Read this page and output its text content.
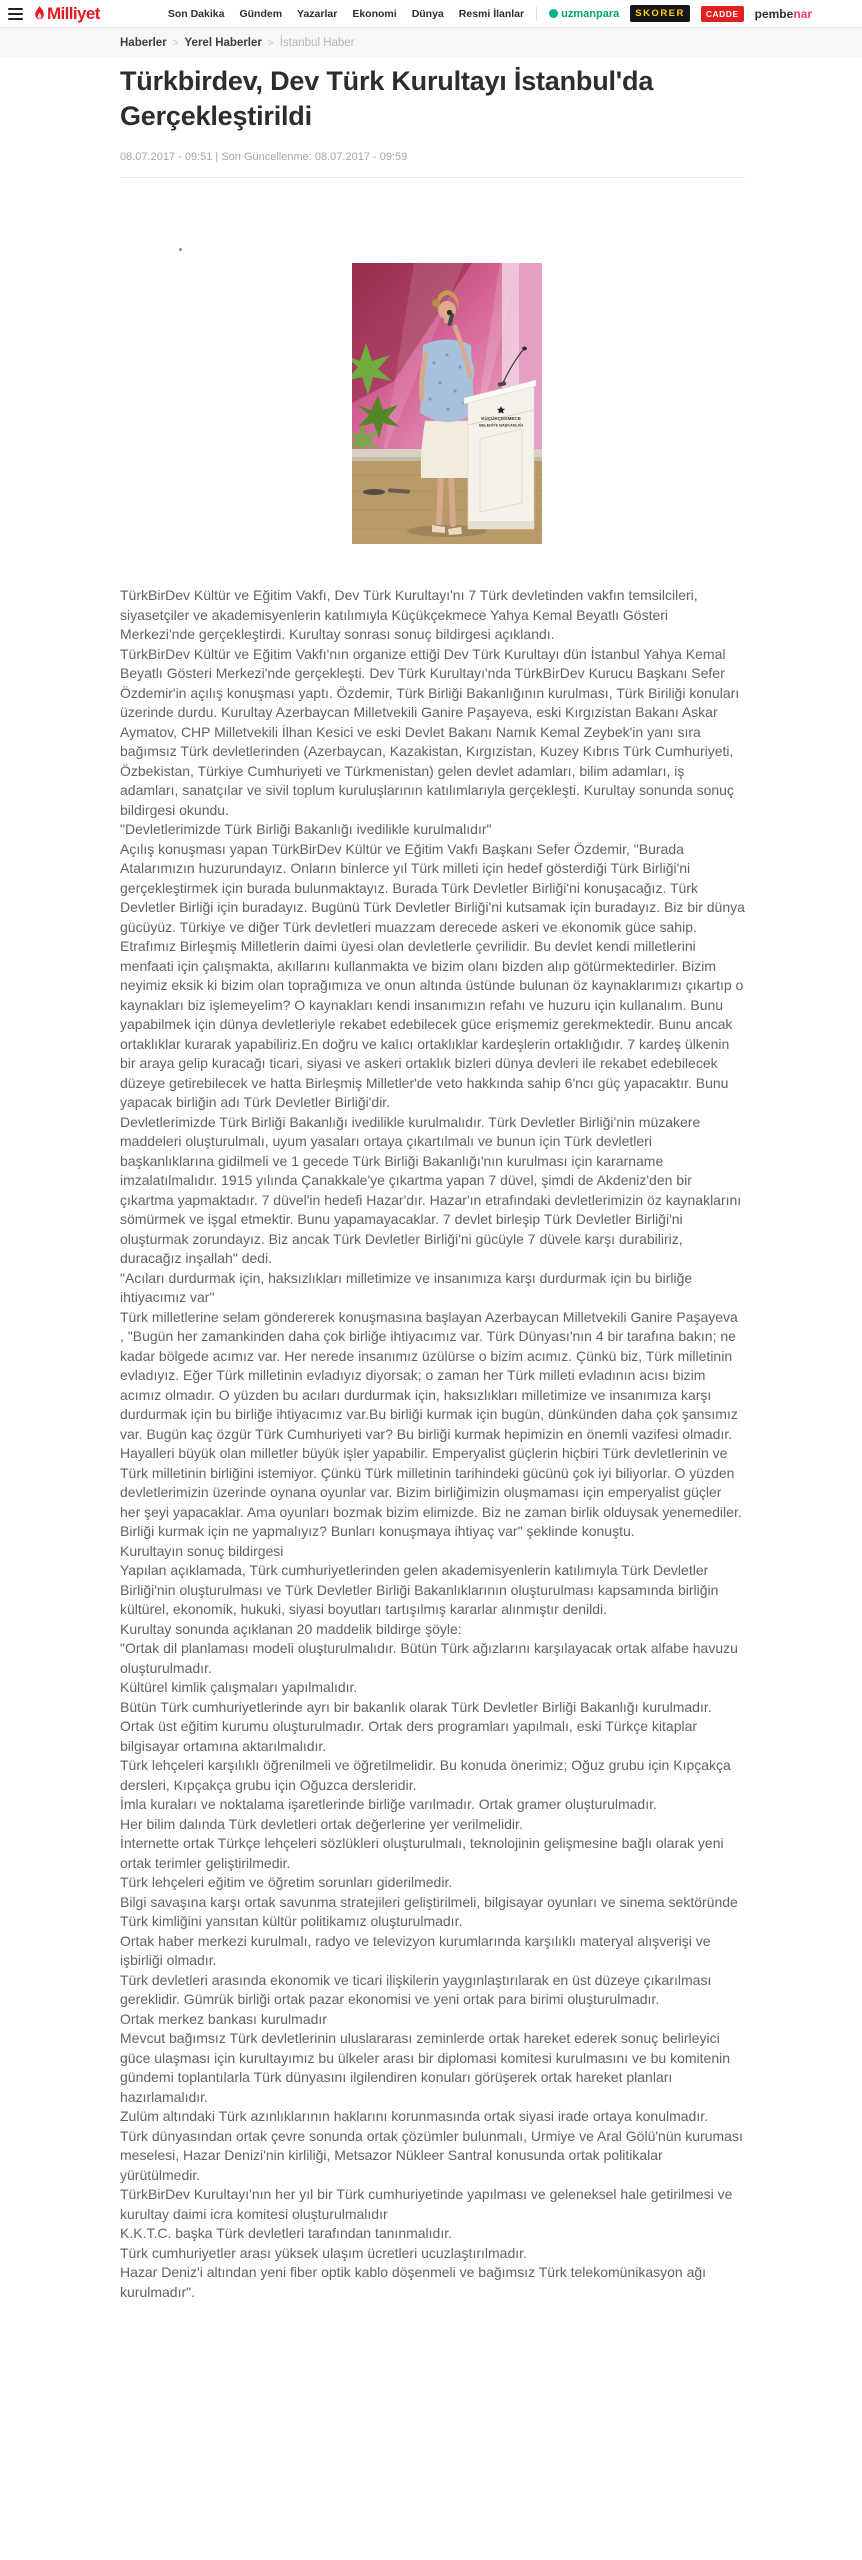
Milliyet	Son Dakika Gündem Yazarlar Ekonomi Dünya Resmi İlanlar	uzmanpara	SKORER	CADDE	pembe nar
Haberler > Yerel Haberler > İstanbul Haber
Türkbirdev, Dev Türk Kurultayı İstanbul'da Gerçekleştirildi
08.07.2017 - 09:51 | Son Güncellenme: 08.07.2017 - 09:59
KÜÇÜKÇEKMECE
BELEDİYE BAŞKANLIĞI

TürkBirDev Kültür ve Eğitim Vakfı, Dev Türk Kurultayı'nı 7 Türk devletinden vakfın temsilcileri, siyasetçiler ve akademisyenlerin katılımıyla Küçükçekmece Yahya Kemal Beyatlı Gösteri Merkezi'nde gerçekleştirdi. Kurultay sonrası sonuç bildirgesi açıklandı.

TürkBirDev Kültür ve Eğitim Vakfı'nın organize ettiği Dev Türk Kurultayı dün İstanbul Yahya Kemal Beyatlı Gösteri Merkezi'nde gerçekleşti. Dev Türk Kurultayı'nda TürkBirDev Kurucu Başkanı Sefer Özdemir'in açılış konuşması yaptı. Özdemir, Türk Birliği Bakanlığının kurulması, Türk Biriliği konuları üzerinde durdu. Kurultay Azerbaycan Milletvekili Ganire Paşayeva, eski Kırgızistan Bakanı Askar Aymatov, CHP Milletvekili İlhan Kesici ve eski Devlet Bakanı Namık Kemal Zeybek'in yanı sıra bağımsız Türk devletlerinden (Azerbaycan, Kazakistan, Kırgızistan, Kuzey Kıbrıs Türk Cumhuriyeti, Özbekistan, Türkiye Cumhuriyeti ve Türkmenistan) gelen devlet adamları, bilim adamları, iş adamları, sanatçılar ve sivil toplum kuruluşlarının katılımlarıyla gerçekleşti. Kurultay sonunda sonuç bildirgesi okundu.

"Devletlerimizde Türk Birliği Bakanlığı ivedilikle kurulmalıdır"

Açılış konuşması yapan TürkBirDev Kültür ve Eğitim Vakfı Başkanı Sefer Özdemir, "Burada Atalarımızın huzurundayız. Onların binlerce yıl Türk milleti için hedef gösterdiği Türk Birliği'ni gerçekleştirmek için burada bulunmaktayız. Burada Türk Devletler Birliği'ni konuşacağız. Türk Devletler Birliği için buradayız. Bugünü Türk Devletler Birliği'ni kutsamak için buradayız. Biz bir dünya gücüyüz. Türkiye ve diğer Türk devletleri muazzam derecede askeri ve ekonomik güce sahip. Etrafımız Birleşmiş Milletlerin daimi üyesi olan devletlerle çevrilidir. Bu devlet kendi milletlerini menfaati için çalışmakta, akıllarını kullanmakta ve bizim olanı bizden alıp götürmektedirler. Bizim neyimiz eksik ki bizim olan toprağımıza ve onun altında üstünde bulunan öz kaynaklarımızı çıkartıp o kaynakları biz işlemeyelim? O kaynakları kendi insanımızın refahı ve huzuru için kullanalım. Bunu yapabilmek için dünya devletleriyle rekabet edebilecek güce erişmemiz gerekmektedir. Bunu ancak ortaklıklar kurarak yapabiliriz.En doğru ve kalıcı ortaklıklar kardeşlerin ortaklığıdır. 7 kardeş ülkenin bir araya gelip kuracağı ticari, siyasi ve askeri ortaklık bizleri dünya devleri ile rekabet edebilecek düzeye getirebilecek ve hatta Birleşmiş Milletler'de veto hakkında sahip 6'ncı güç yapacaktır. Bunu yapacak birliğin adı Türk Devletler Birliği'dir.

Devletlerimizde Türk Birliği Bakanlığı ivedilikle kurulmalıdır. Türk Devletler Birliği'nin müzakere maddeleri oluşturulmalı, uyum yasaları ortaya çıkartılmalı ve bunun için Türk devletleri başkanlıklarına gidilmeli ve 1 gecede Türk Birliği Bakanlığı'nın kurulması için kararname imzalatılmalıdır. 1915 yılında Çanakkale'ye çıkartma yapan 7 düvel, şimdi de Akdeniz'den bir çıkartma yapmaktadır. 7 düvel'in hedefi Hazar'dır. Hazar'ın etrafındaki devletlerimizin öz kaynaklarını sömürmek ve işgal etmektir. Bunu yapamayacaklar. 7 devlet birleşip Türk Devletler Birliği'ni oluşturmak zorundayız. Biz ancak Türk Devletler Birliği'ni gücüyle 7 düvele karşı durabiliriz, duracağız inşallah" dedi.

"Acıları durdurmak için, haksızlıkları milletimize ve insanımıza karşı durdurmak için bu birliğe ihtiyacımız var"

Türk milletlerine selam göndererek konuşmasına başlayan Azerbaycan Milletvekili Ganire Paşayeva , "Bugün her zamankinden daha çok birliğe ihtiyacımız var. Türk Dünyası'nın 4 bir tarafına bakın; ne kadar bölgede acımız var. Her nerede insanımız üzülürse o bizim acımız. Çünkü biz, Türk milletinin evladıyız. Eğer Türk milletinin evladıyız diyorsak; o zaman her Türk milleti evladının acısı bizim acımız olmadır. O yüzden bu acıları durdurmak için, haksızlıkları milletimize ve insanımıza karşı durdurmak için bu birliğe ihtiyacımız var.Bu birliği kurmak için bugün, dünkünden daha çok şansımız var. Bugün kaç özgür Türk Cumhuriyeti var? Bu birliği kurmak hepimizin en önemli vazifesi olmadır. Hayalleri büyük olan milletler büyük işler yapabilir. Emperyalist güçlerin hiçbiri Türk devletlerinin ve Türk milletinin birliğini istemiyor. Çünkü Türk milletinin tarihindeki gücünü çok iyi biliyorlar. O yüzden devletlerimizin üzerinde oynana oyunlar var. Bizim birliğimizin oluşmaması için emperyalist güçler her şeyi yapacaklar. Ama oyunları bozmak bizim elimizde. Biz ne zaman birlik olduysak yenemediler. Birliği kurmak için ne yapmalıyız? Bunları konuşmaya ihtiyaç var" şeklinde konuştu.

Kurultayın sonuç bildirgesi

Yapılan açıklamada, Türk cumhuriyetlerinden gelen akademisyenlerin katılımıyla Türk Devletler Birliği'nin oluşturulması ve Türk Devletler Birliği Bakanlıklarının oluşturulması kapsamında birliğin kültürel, ekonomik, hukuki, siyasi boyutları tartışılmış kararlar alınmıştır denildi.

Kurultay sonunda açıklanan 20 maddelik bildirge şöyle:

"Ortak dil planlaması modeli oluşturulmalıdır. Bütün Türk ağızlarını karşılayacak ortak alfabe havuzu oluşturulmadır.

Kültürel kimlik çalışmaları yapılmalıdır.

Bütün Türk cumhuriyetlerinde ayrı bir bakanlık olarak Türk Devletler Birliği Bakanlığı kurulmadır.

Ortak üst eğitim kurumu oluşturulmadır. Ortak ders programları yapılmalı, eski Türkçe kitaplar bilgisayar ortamına aktarılmalıdır.

Türk lehçeleri karşılıklı öğrenilmeli ve öğretilmelidir. Bu konuda önerimiz; Oğuz grubu için Kıpçakça dersleri, Kıpçakça grubu için Oğuzca dersleridir.

İmla kuraları ve noktalama işaretlerinde birliğe varılmadır. Ortak gramer oluşturulmadır.

Her bilim dalında Türk devletleri ortak değerlerine yer verilmelidir.

İnternette ortak Türkçe lehçeleri sözlükleri oluşturulmalı, teknolojinin gelişmesine bağlı olarak yeni ortak terimler geliştirilmedir.

Türk lehçeleri eğitim ve öğretim sorunları giderilmedir.

Bilgi savaşına karşı ortak savunma stratejileri geliştirilmeli, bilgisayar oyunları ve sinema sektöründe Türk kimliğini yansıtan kültür politikamız oluşturulmadır.

Ortak haber merkezi kurulmalı, radyo ve televizyon kurumlarında karşılıklı materyal alışverişi ve işbirliği olmadır.

Türk devletleri arasında ekonomik ve ticari ilişkilerin yaygınlaştırılarak en üst düzeye çıkarılması gereklidir. Gümrük birliği ortak pazar ekonomisi ve yeni ortak para birimi oluşturulmadır.

Ortak merkez bankası kurulmadır

Mevcut bağımsız Türk devletlerinin uluslararası zeminlerde ortak hareket ederek sonuç belirleyici güce ulaşması için kurultayımız bu ülkeler arası bir diplomasi komitesi kurulmasını ve bu komitenin gündemi toplantılarla Türk dünyasını ilgilendiren konuları görüşerek ortak hareket planları hazırlamalıdır.

Zulüm altındaki Türk azınlıklarının haklarını korunmasında ortak siyasi irade ortaya konulmadır.

Türk dünyasından ortak çevre sonunda ortak çözümler bulunmalı, Urmiye ve Aral Gölü'nün kuruması meselesi, Hazar Denizi'nin kirliliği, Metsazor Nükleer Santral konusunda ortak politikalar yürütülmedir.

TürkBirDev Kurultayı'nın her yıl bir Türk cumhuriyetinde yapılması ve geleneksel hale getirilmesi ve kurultay daimi icra komitesi oluşturulmalıdır

K.K.T.C. başka Türk devletleri tarafından tanınmalıdır.

Türk cumhuriyetler arası yüksek ulaşım ücretleri ucuzlaştırılmadır.

Hazar Deniz'i altından yeni fiber optik kablo döşenmeli ve bağımsız Türk telekomünikasyon ağı kurulmadır".
